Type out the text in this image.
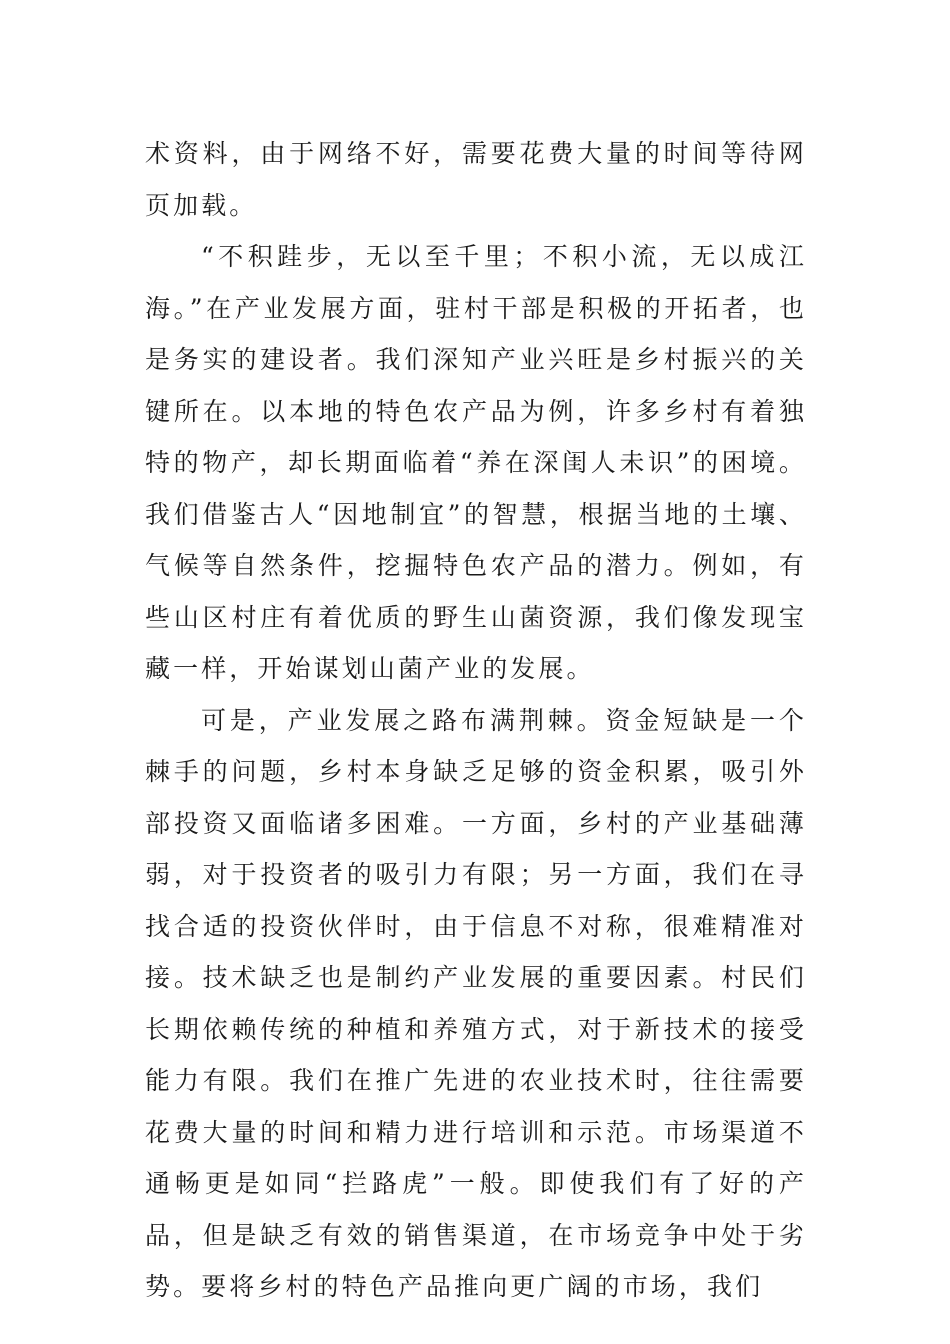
术资料，由于网络不好，需要花费大量的时间等待网页加载。

“不积跬步，无以至千里；不积小流，无以成江海。”在产业发展方面，驻村干部是积极的开拓者，也是务实的建设者。我们深知产业兴旺是乡村振兴的关键所在。以本地的特色农产品为例，许多乡村有着独特的物产，却长期面临着“养在深闺人未识”的困境。我们借鉴古人“因地制宜”的智慧，根据当地的土壤、气候等自然条件，挖掘特色农产品的潜力。例如，有些山区村庄有着优质的野生山菌资源，我们像发现宝藏一样，开始谋划山菌产业的发展。

可是，产业发展之路布满荆棘。资金短缺是一个棘手的问题，乡村本身缺乏足够的资金积累，吸引外部投资又面临诸多困难。一方面，乡村的产业基础薄弱，对于投资者的吸引力有限；另一方面，我们在寻找合适的投资伙伴时，由于信息不对称，很难精准对接。技术缺乏也是制约产业发展的重要因素。村民们长期依赖传统的种植和养殖方式，对于新技术的接受能力有限。我们在推广先进的农业技术时，往往需要花费大量的时间和精力进行培训和示范。市场渠道不通畅更是如同“拦路虎”一般。即使我们有了好的产品，但是缺乏有效的销售渠道，在市场竞争中处于劣势。要将乡村的特色产品推向更广阔的市场，我们
